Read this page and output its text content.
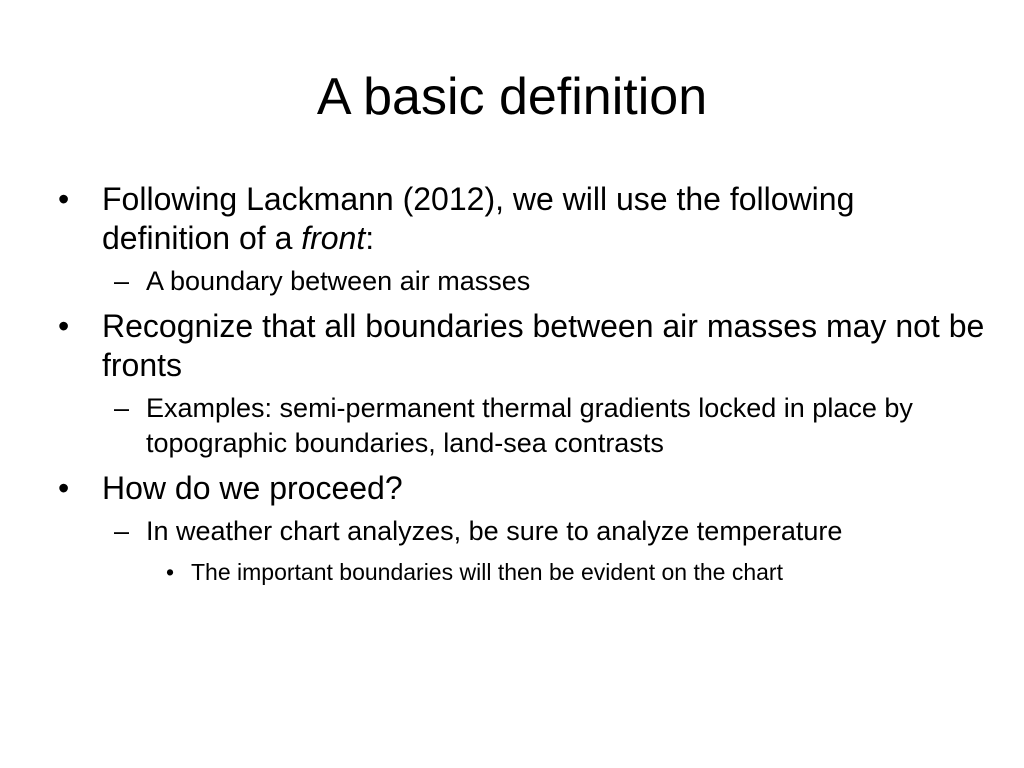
A basic definition
•	Following Lackmann (2012), we will use the following definition of a front:
– A boundary between air masses
•	Recognize that all boundaries between air masses may not be fronts
– Examples: semi-permanent thermal gradients locked in place by topographic boundaries, land-sea contrasts
•	How do we proceed?
– In weather chart analyzes, be sure to analyze temperature
• The important boundaries will then be evident on the chart
